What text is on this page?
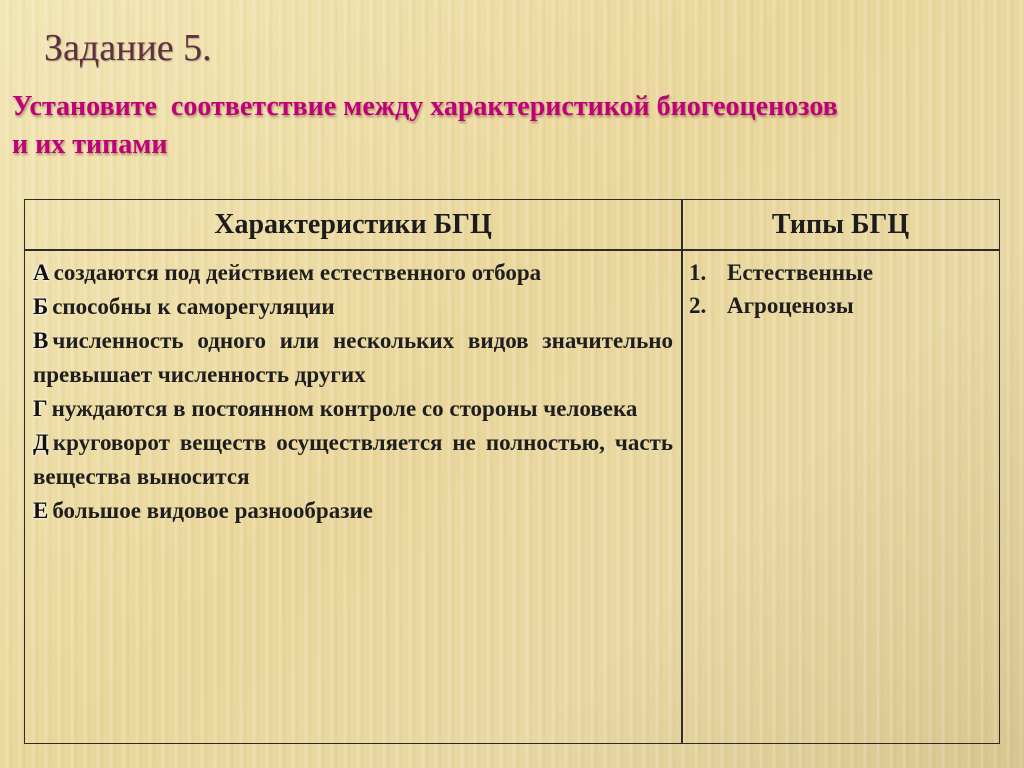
Задание 5.
Установите  соответствие между характеристикой биогеоценозов
и их типами
Характеристики БГЦ	Типы БГЦ
А создаются под действием естественного отбора
Б способны к саморегуляции
В численность одного или нескольких видов значительно превышает численность других
Г нуждаются в постоянном контроле со стороны человека
Д круговорот веществ осуществляется не полностью, часть вещества выносится
Е большое видовое разнообразие
1. Естественные
2. Агроценозы
